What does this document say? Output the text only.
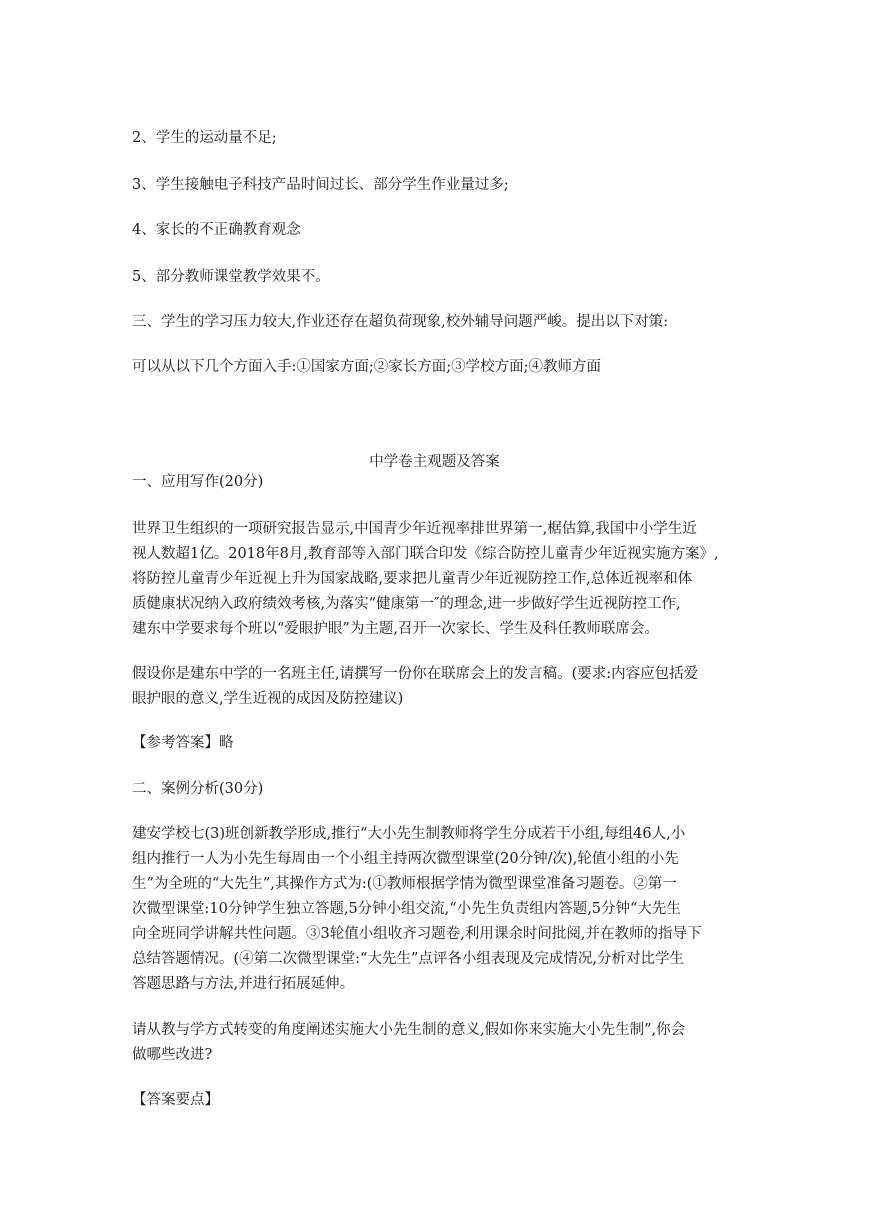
2、学生的运动量不足;
3、学生接触电子科技产品时间过长、部分学生作业量过多;
4、家长的不正确教育观念
5、部分教师课堂教学效果不。
三、学生的学习压力较大,作业还存在超负荷现象,校外辅导问题严峻。提出以下对策:
可以从以下几个方面入手:①国家方面;②家长方面;③学校方面;④教师方面
中学卷主观题及答案
一、应用写作(20分)
世界卫生组织的一项研究报告显示,中国青少年近视率排世界第一,椐估算,我国中小学生近
视人数超1亿。2018年8月,教育部等入部门联合印发《综合防控儿童青少年近视实施方案》,
将防控儿童青少年近视上升为国家战略,要求把儿童青少年近视防控工作,总体近视率和体
质健康状况纳入政府绩效考核,为落实“健康第一″的理念,进一步做好学生近视防控工作,
建东中学要求每个班以“爱眼护眼”为主题,召开一次家长、学生及科任教师联席会。
假设你是建东中学的一名班主任,请撰写一份你在联席会上的发言稿。(要求:内容应包括爱
眼护眼的意义,学生近视的成因及防控建议)
【参考答案】略
二、案例分析(30分)
建安学校七(3)班创新教学形成,推行“大小先生制教师将学生分成若干小组,每组46人,小
组内推行一人为小先生每周由一个小组主持两次微型课堂(20分钟/次),轮值小组的小先
生”为全班的“大先生”,其操作方式为:(①教师根据学情为微型课堂准备习题卷。②第一
次微型课堂:10分钟学生独立答题,5分钟小组交流,“小先生负责组内答题,5分钟“大先生
向全班同学讲解共性问题。③3轮值小组收齐习题卷,利用课余时间批阅,并在教师的指导下
总结答题情况。(④第二次微型课堂:“大先生”点评各小组表现及完成情况,分析对比学生
答题思路与方法,并进行拓展延伸。
请从教与学方式转变的角度阐述实施大小先生制的意义,假如你来实施大小先生制”,你会
做哪些改进?
【答案要点】
